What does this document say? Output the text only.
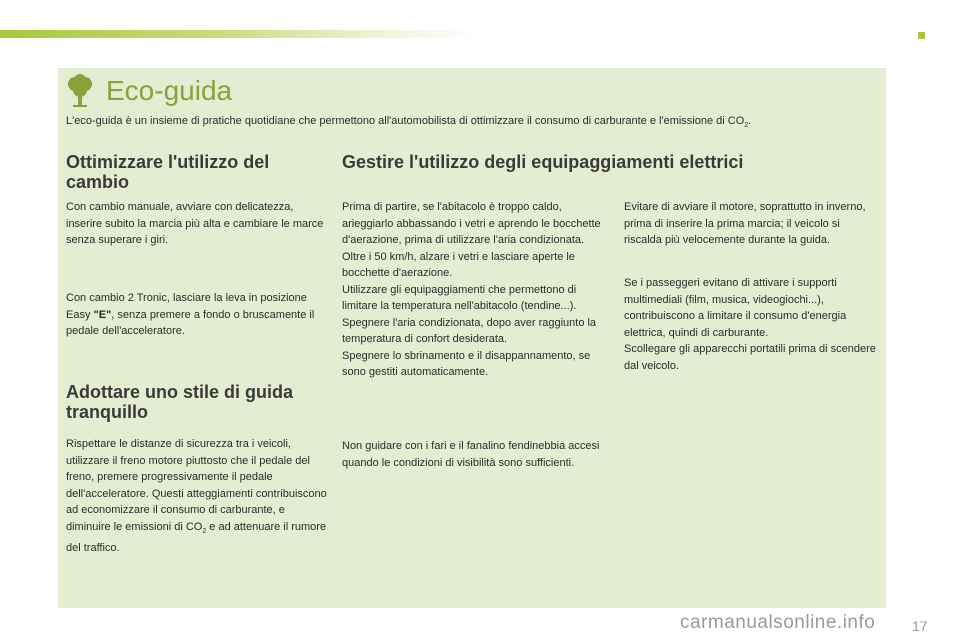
Eco-guida

L'eco-guida è un insieme di pratiche quotidiane che permettono all'automobilista di ottimizzare il consumo di carburante e l'emissione di $CO_2$.

Ottimizzare l'utilizzo del cambio

Con cambio manuale, avviare con delicatezza, inserire subito la marcia più alta e cambiare le marce senza superare i giri.

Con cambio 2 Tronic, lasciare la leva in posizione Easy "E", senza premere a fondo o bruscamente il pedale dell'acceleratore.

Adottare uno stile di guida tranquillo

Rispettare le distanze di sicurezza tra i veicoli, utilizzare il freno motore piuttosto che il pedale del freno, premere progressivamente il pedale dell'acceleratore. Questi atteggiamenti contribuiscono ad economizzare il consumo di carburante, e diminuire le emissioni di $CO_2$ e ad attenuare il rumore del traffico.

Gestire l'utilizzo degli equipaggiamenti elettrici

Prima di partire, se l'abitacolo è troppo caldo, arieggiarlo abbassando i vetri e aprendo le bocchette d'aerazione, prima di utilizzare l'aria condizionata.
Oltre i 50 km/h, alzare i vetri e lasciare aperte le bocchette d'aerazione.
Utilizzare gli equipaggiamenti che permettono di limitare la temperatura nell'abitacolo (tendine...).
Spegnere l'aria condizionata, dopo aver raggiunto la temperatura di confort desiderata.
Spegnere lo sbrinamento e il disappannamento, se sono gestiti automaticamente.

Non guidare con i fari e il fanalino fendinebbia accesi quando le condizioni di visibilità sono sufficienti.

Evitare di avviare il motore, soprattutto in inverno, prima di inserire la prima marcia; il veicolo si riscalda più velocemente durante la guida.

Se i passeggeri evitano di attivare i supporti multimediali (film, musica, videogiochi...), contribuiscono a limitare il consumo d'energia elettrica, quindi di carburante.
Scollegare gli apparecchi portatili prima di scendere dal veicolo.

carmanualsonline.info	17
